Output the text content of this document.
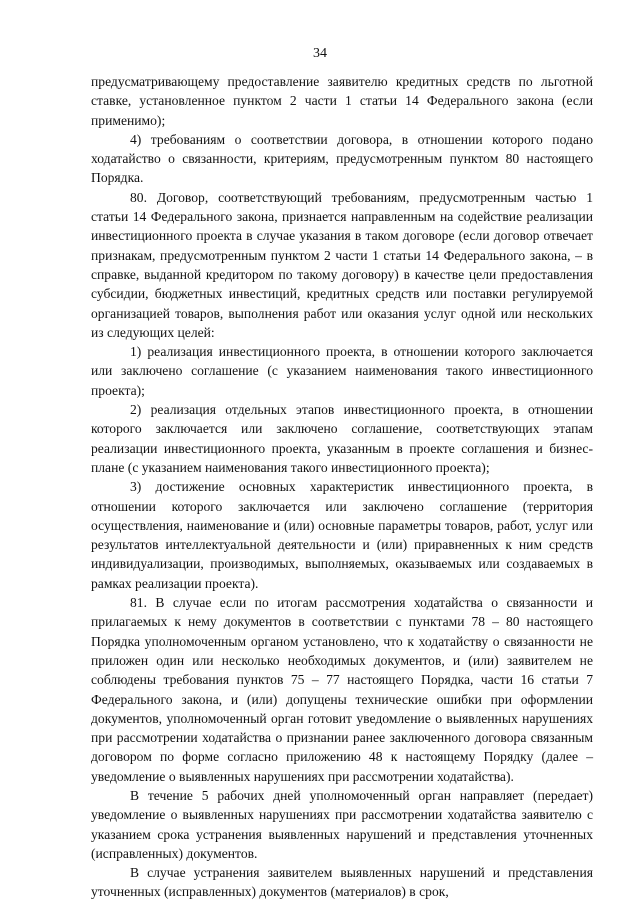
34

предусматривающему предоставление заявителю кредитных средств по льготной ставке, установленное пунктом 2 части 1 статьи 14 Федерального закона (если применимо);

4) требованиям о соответствии договора, в отношении которого подано ходатайство о связанности, критериям, предусмотренным пунктом 80 настоящего Порядка.

80. Договор, соответствующий требованиям, предусмотренным частью 1 статьи 14 Федерального закона, признается направленным на содействие реализации инвестиционного проекта в случае указания в таком договоре (если договор отвечает признакам, предусмотренным пунктом 2 части 1 статьи 14 Федерального закона, – в справке, выданной кредитором по такому договору) в качестве цели предоставления субсидии, бюджетных инвестиций, кредитных средств или поставки регулируемой организацией товаров, выполнения работ или оказания услуг одной или нескольких из следующих целей:

1) реализация инвестиционного проекта, в отношении которого заключается или заключено соглашение (с указанием наименования такого инвестиционного проекта);

2) реализация отдельных этапов инвестиционного проекта, в отношении которого заключается или заключено соглашение, соответствующих этапам реализации инвестиционного проекта, указанным в проекте соглашения и бизнес-плане (с указанием наименования такого инвестиционного проекта);

3) достижение основных характеристик инвестиционного проекта, в отношении которого заключается или заключено соглашение (территория осуществления, наименование и (или) основные параметры товаров, работ, услуг или результатов интеллектуальной деятельности и (или) приравненных к ним средств индивидуализации, производимых, выполняемых, оказываемых или создаваемых в рамках реализации проекта).

81. В случае если по итогам рассмотрения ходатайства о связанности и прилагаемых к нему документов в соответствии с пунктами 78 – 80 настоящего Порядка уполномоченным органом установлено, что к ходатайству о связанности не приложен один или несколько необходимых документов, и (или) заявителем не соблюдены требования пунктов 75 – 77 настоящего Порядка, части 16 статьи 7 Федерального закона, и (или) допущены технические ошибки при оформлении документов, уполномоченный орган готовит уведомление о выявленных нарушениях при рассмотрении ходатайства о признании ранее заключенного договора связанным договором по форме согласно приложению 48 к настоящему Порядку (далее – уведомление о выявленных нарушениях при рассмотрении ходатайства).

В течение 5 рабочих дней уполномоченный орган направляет (передает) уведомление о выявленных нарушениях при рассмотрении ходатайства заявителю с указанием срока устранения выявленных нарушений и представления уточненных (исправленных) документов.

В случае устранения заявителем выявленных нарушений и представления уточненных (исправленных) документов (материалов) в срок,
